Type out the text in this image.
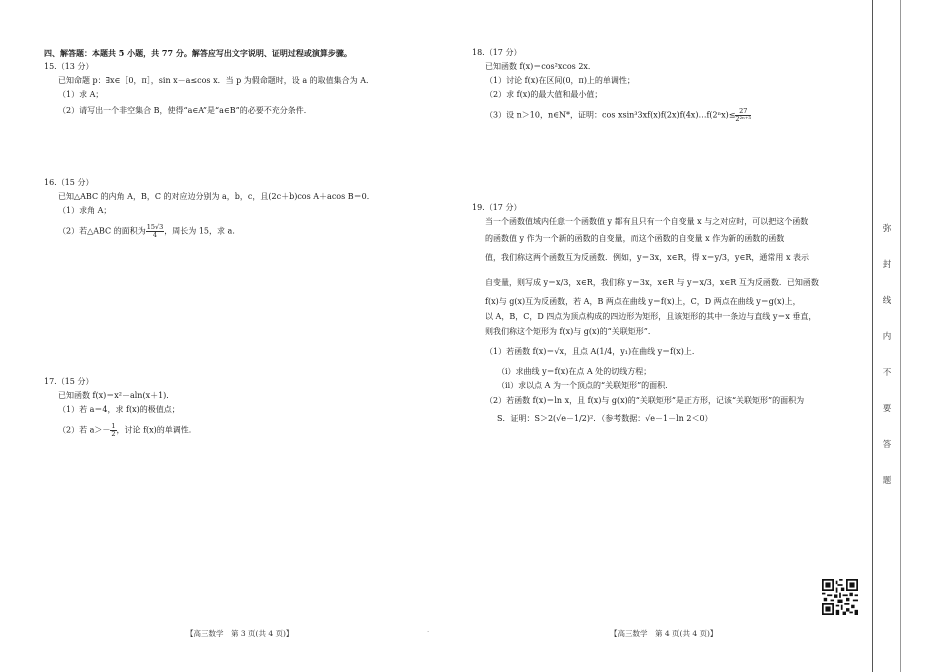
四、解答题：本题共 5 小题，共 77 分。解答应写出文字说明、证明过程或演算步骤。
15.（13 分）
已知命题 p：∃x∈［0，π］，sin x－a≤cos x．当 p 为假命题时，设 a 的取值集合为 A．
（1）求 A；
（2）请写出一个非空集合 B，使得“a∈A”是“a∈B”的必要不充分条件．
16.（15 分）
已知△ABC 的内角 A，B，C 的对应边分别为 a，b，c，且(2c＋b)cos A＋acos B＝0．
（1）求角 A；
（2）若△ABC 的面积为 $\frac{15√3}{4}$ ，周长为 15，求 a．
17.（15 分）
已知函数 f(x)＝x²－aln(x＋1)．
（1）若 a＝4，求 f(x)的极值点；
（2）若 $a>- \frac{1}{2}$ ，讨论 f(x)的单调性．
【高三数学　第 3 页(共 4 页)】	·
18.（17 分）
已知函数 f(x)＝cos²xcos 2x．
（1）讨论 f(x)在区间(0，π)上的单调性；
（2）求 f(x)的最大值和最小值；
（3）设 n＞10，n∈N*，证明：cos xsin³3xf(x)f(2x)f(4x)…f(2ⁿx)≤ $\frac{27}{\text{2²ⁿ⁺³}}$
19.（17 分）
当一个函数值域内任意一个函数值 y 都有且只有一个自变量 x 与之对应时，可以把这个函数
的函数值 y 作为一个新的函数的自变量，而这个函数的自变量 x 作为新的函数的函数
值，我们称这两个函数互为反函数．例如，y＝3x，x∈R，得 x＝y/3，y∈R，通常用 x 表示
自变量，则写成 y＝x/3，x∈R，我们称 y＝3x，x∈R 与 y＝x/3，x∈R 互为反函数．已知函数
f(x)与 g(x)互为反函数，若 A，B 两点在曲线 y＝f(x)上，C，D 两点在曲线 y＝g(x)上，
以 A，B，C，D 四点为顶点构成的四边形为矩形，且该矩形的其中一条边与直线 y＝x 垂直，
则我们称这个矩形为 f(x)与 g(x)的“关联矩形”．
（1）若函数 f(x)＝√x，且点 A(1/4，y₁)在曲线 y＝f(x)上．
（ⅰ）求曲线 y＝f(x)在点 A 处的切线方程；
（ⅱ）求以点 A 为一个顶点的“关联矩形”的面积．
（2）若函数 f(x)＝ln x，且 f(x)与 g(x)的“关联矩形”是正方形，记该“关联矩形”的面积为
S．证明：S＞2(√e－1/2)²．（参考数据：√e－1－ln 2＜0）
【高三数学　第 4 页(共 4 页)】
弥
封
线
内
不
要
答
题
